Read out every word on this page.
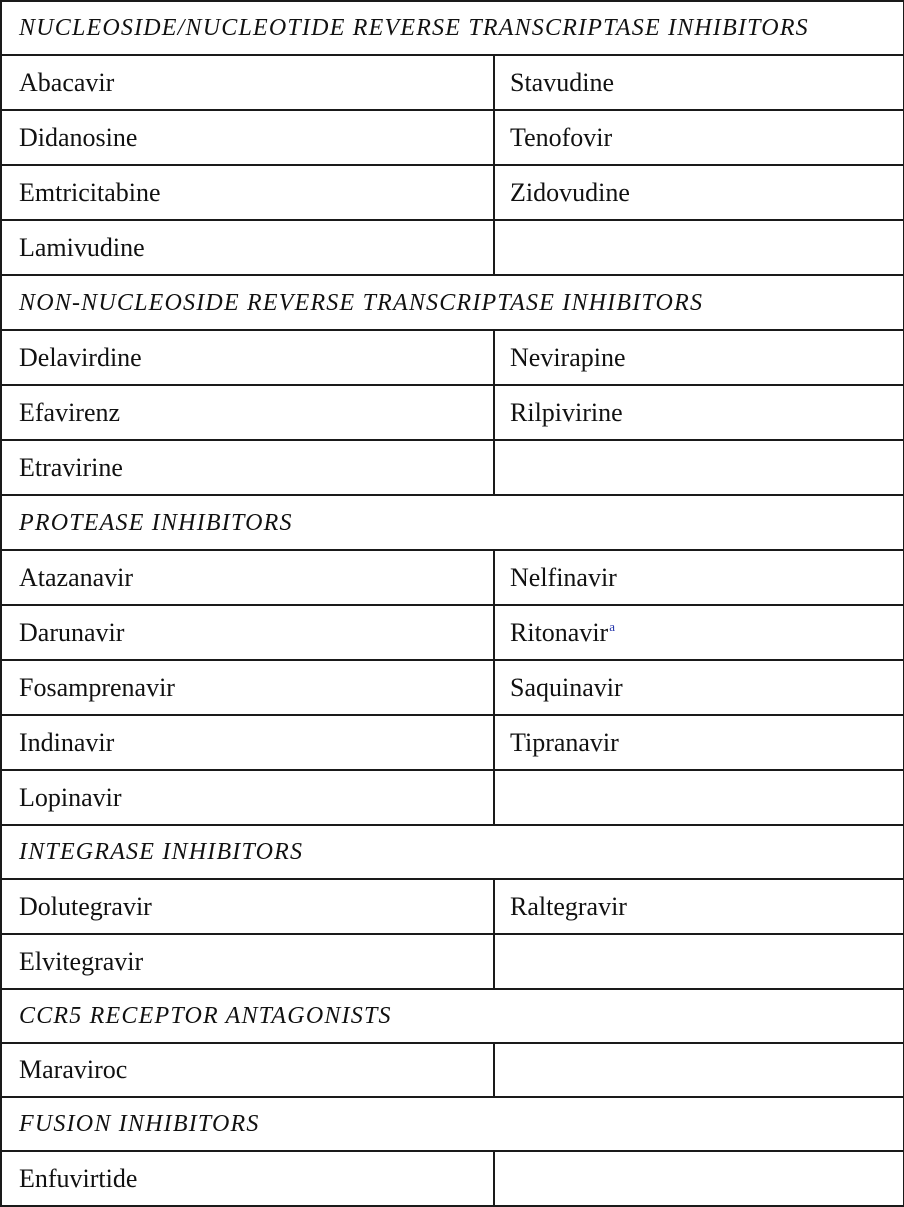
NUCLEOSIDE/NUCLEOTIDE REVERSE TRANSCRIPTASE INHIBITORS	
Abacavir	Stavudine
Didanosine	Tenofovir
Emtricitabine	Zidovudine
Lamivudine	
NON-NUCLEOSIDE REVERSE TRANSCRIPTASE INHIBITORS	
Delavirdine	Nevirapine
Efavirenz	Rilpivirine
Etravirine	
PROTEASE INHIBITORS	
Atazanavir	Nelfinavir
Darunavir	Ritonavir$^a$
Fosamprenavir	Saquinavir
Indinavir	Tipranavir
Lopinavir	
INTEGRASE INHIBITORS	
Dolutegravir	Raltegravir
Elvitegravir	
CCR5 RECEPTOR ANTAGONISTS	
Maraviroc	
FUSION INHIBITORS	
Enfuvirtide	
